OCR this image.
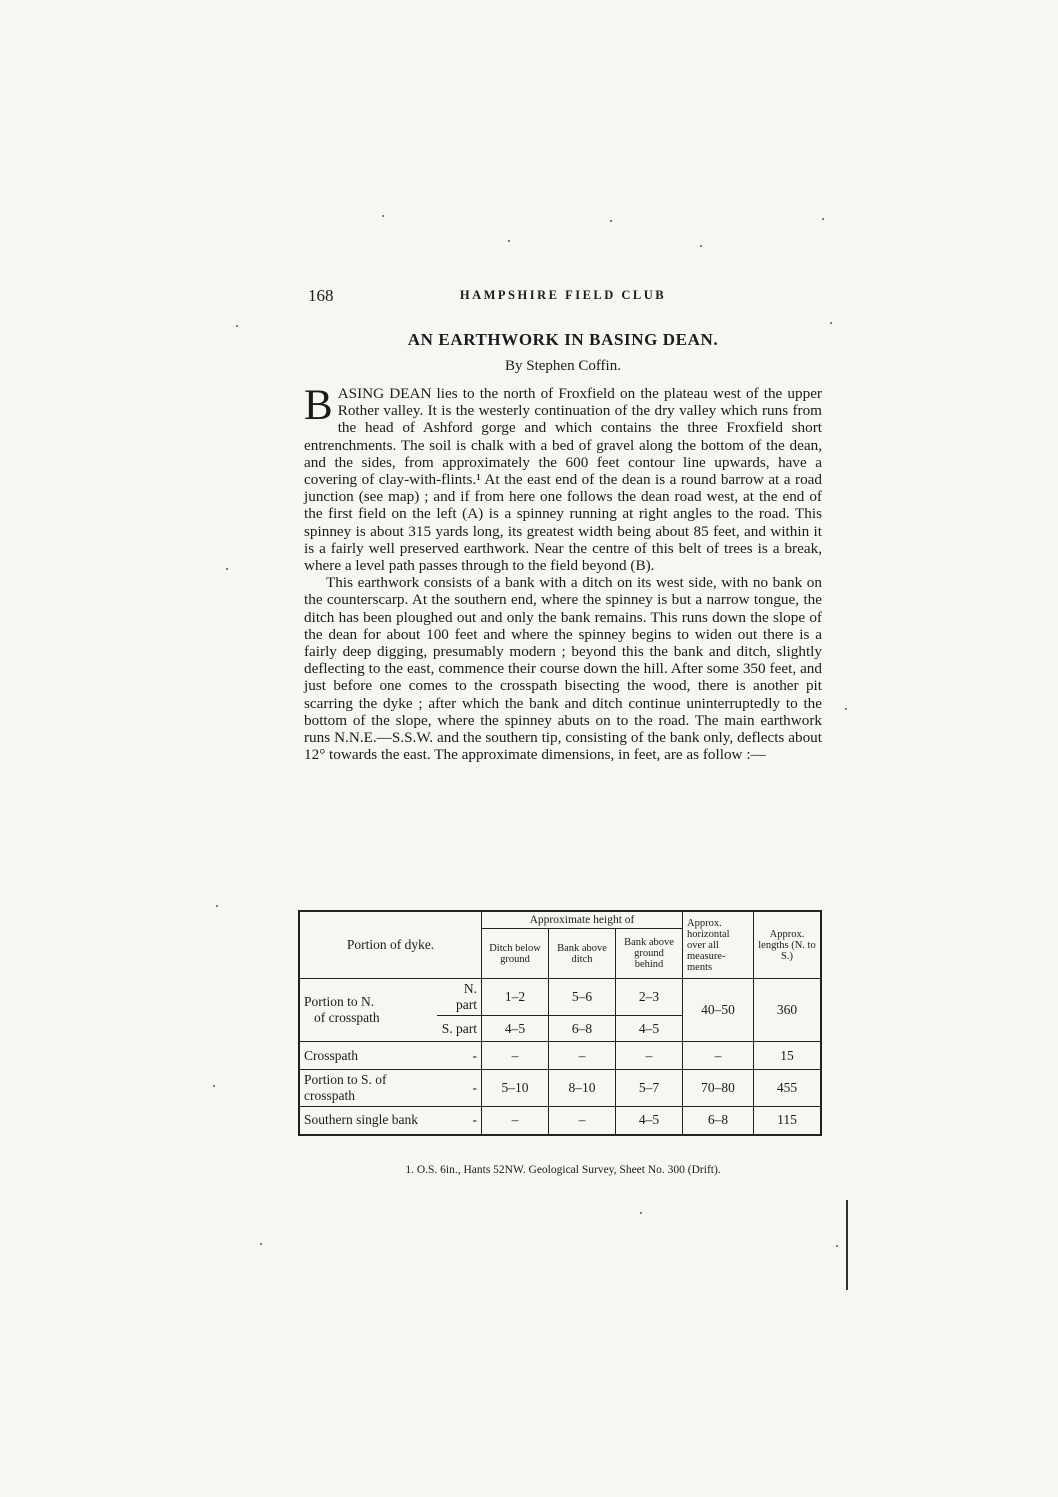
168	HAMPSHIRE FIELD CLUB
AN EARTHWORK IN BASING DEAN.
By Stephen Coffin.

BASING DEAN lies to the north of Froxfield on the plateau west of the upper Rother valley. It is the westerly continuation of the dry valley which runs from the head of Ashford gorge and which contains the three Froxfield short entrenchments. The soil is chalk with a bed of gravel along the bottom of the dean, and the sides, from approximately the 600 feet contour line upwards, have a covering of clay-with-flints.¹ At the east end of the dean is a round barrow at a road junction (see map) ; and if from here one follows the dean road west, at the end of the first field on the left (A) is a spinney running at right angles to the road. This spinney is about 315 yards long, its greatest width being about 85 feet, and within it is a fairly well preserved earthwork. Near the centre of this belt of trees is a break, where a level path passes through to the field beyond (B).

This earthwork consists of a bank with a ditch on its west side, with no bank on the counterscarp. At the southern end, where the spinney is but a narrow tongue, the ditch has been ploughed out and only the bank remains. This runs down the slope of the dean for about 100 feet and where the spinney begins to widen out there is a fairly deep digging, presumably modern ; beyond this the bank and ditch, slightly deflecting to the east, commence their course down the hill. After some 350 feet, and just before one comes to the crosspath bisecting the wood, there is another pit scarring the dyke ; after which the bank and ditch continue uninterruptedly to the bottom of the slope, where the spinney abuts on to the road. The main earthwork runs N.N.E.—S.S.W. and the southern tip, consisting of the bank only, deflects about 12° towards the east. The approximate dimensions, in feet, are as follow :—

Portion of dyke.		Approximate height of			Approx. horizontal over all measure- ments	Approx. lengths (N. to S.)
		Ditch below ground	Bank above ditch	Bank above ground behind		

Portion to N.
of crosspath	N. part	1–2	5–6	2–3	40–50	360
	S. part	4–5	6–8	4–5		
Crosspath	-	–	–	–	–	15
Portion to S. of crosspath	-	5–10	8–10	5–7	70–80	455
Southern single bank	-	–	–	4–5	6–8	115
1. O.S. 6in., Hants 52NW. Geological Survey, Sheet No. 300 (Drift).
